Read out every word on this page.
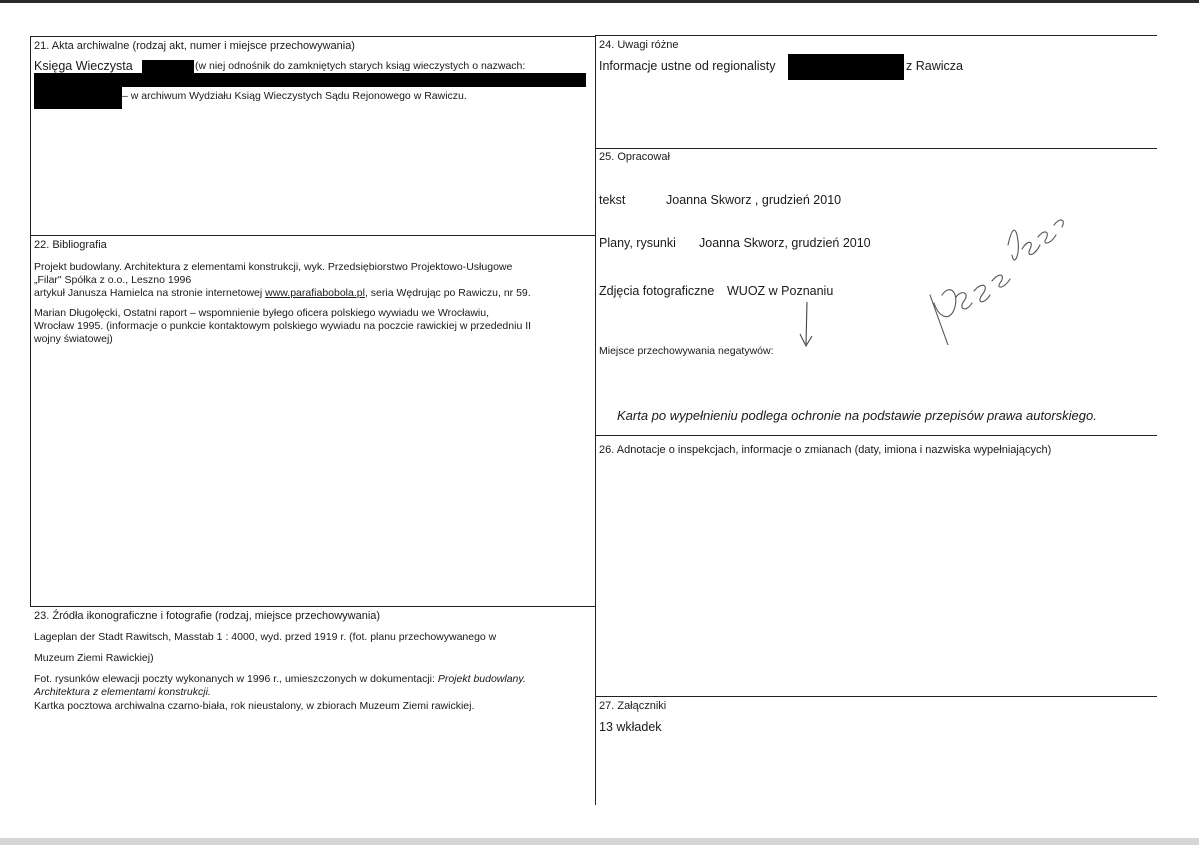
21. Akta archiwalne (rodzaj akt, numer i miejsce przechowywania)
Księga Wieczysta	(w niej odnośnik do zamkniętych starych ksiąg wieczystych o nazwach:
– w archiwum Wydziału Ksiąg Wieczystych Sądu Rejonowego w Rawiczu.
22. Bibliografia
Projekt budowlany. Architektura z elementami konstrukcji, wyk. Przedsiębiorstwo Projektowo-Usługowe
„Filar" Spółka z o.o., Leszno 1996
artykuł Janusza Hamielca na stronie internetowej www.parafiabobola.pl, seria Wędrując po Rawiczu, nr 59.
Marian Długołęcki, Ostatni raport – wspomnienie byłego oficera polskiego wywiadu we Wrocławiu,
Wrocław 1995. (informacje o punkcie kontaktowym polskiego wywiadu na poczcie rawickiej w przededniu II
wojny światowej)
23. Źródła ikonograficzne i fotografie (rodzaj, miejsce przechowywania)
Lageplan der Stadt Rawitsch, Masstab 1 : 4000, wyd. przed 1919 r. (fot. planu przechowywanego w
Muzeum Ziemi Rawickiej)
Fot. rysunków elewacji poczty wykonanych w 1996 r., umieszczonych w dokumentacji: Projekt budowlany.
Architektura z elementami konstrukcji.
Kartka pocztowa archiwalna czarno-biała, rok nieustalony, w zbiorach Muzeum Ziemi rawickiej.
24. Uwagi różne
Informacje ustne od regionalisty	z Rawicza
25. Opracował
tekst	Joanna Skworz , grudzień 2010
Plany, rysunki Joanna Skworz, grudzień 2010
Zdjęcia fotograficzne WUOZ w Poznaniu
Miejsce przechowywania negatywów:
Karta po wypełnieniu podlega ochronie na podstawie przepisów prawa autorskiego.
26. Adnotacje o inspekcjach, informacje o zmianach (daty, imiona i nazwiska wypełniających)
27. Załączniki
13 wkładek
